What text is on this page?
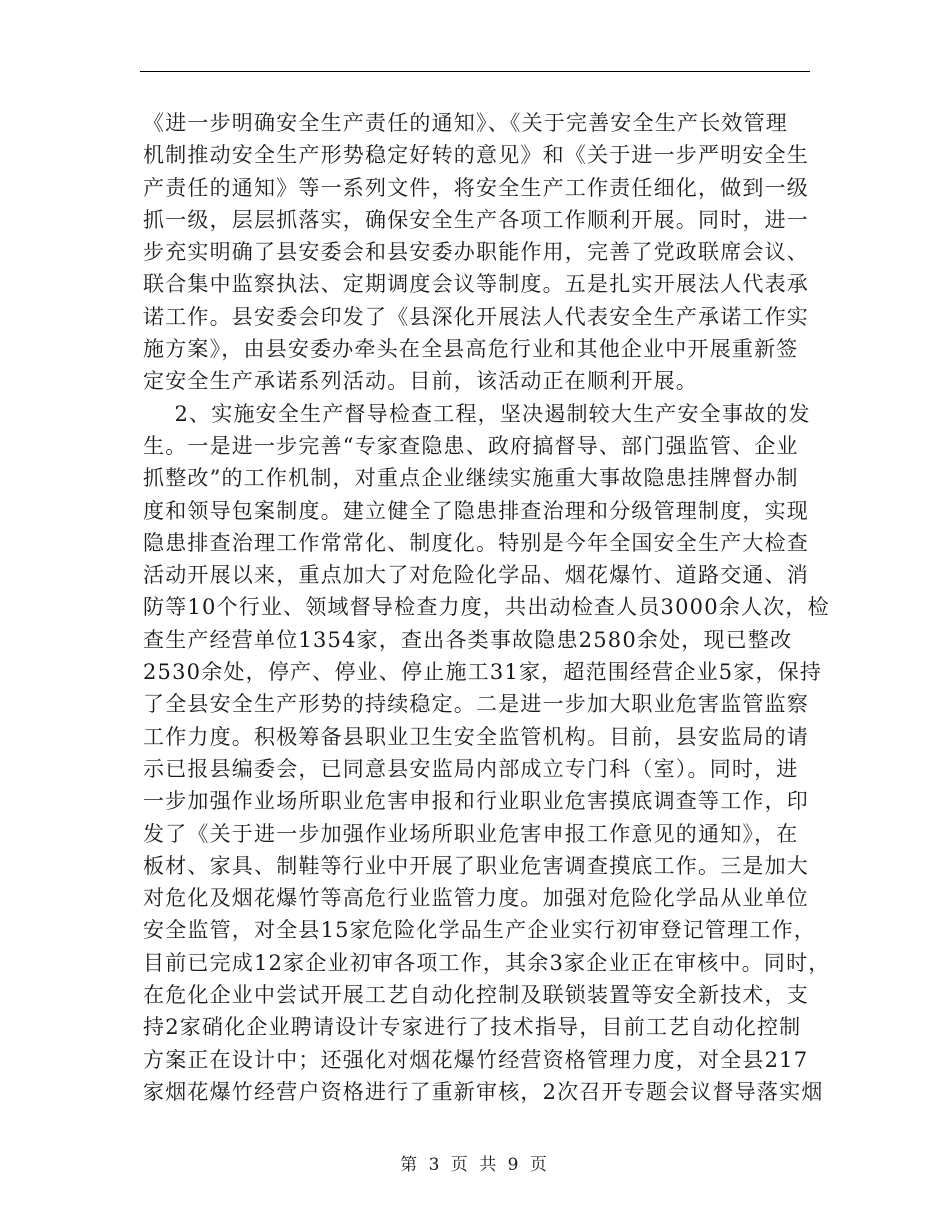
《进一步明确安全生产责任的通知》、《关于完善安全生产长效管理
机制推动安全生产形势稳定好转的意见》和《关于进一步严明安全生
产责任的通知》等一系列文件，将安全生产工作责任细化，做到一级
抓一级，层层抓落实，确保安全生产各项工作顺利开展。同时，进一
步充实明确了县安委会和县安委办职能作用，完善了党政联席会议、
联合集中监察执法、定期调度会议等制度。五是扎实开展法人代表承
诺工作。县安委会印发了《县深化开展法人代表安全生产承诺工作实
施方案》，由县安委办牵头在全县高危行业和其他企业中开展重新签
定安全生产承诺系列活动。目前，该活动正在顺利开展。
2、实施安全生产督导检查工程，坚决遏制较大生产安全事故的发
生。一是进一步完善“专家查隐患、政府搞督导、部门强监管、企业
抓整改”的工作机制，对重点企业继续实施重大事故隐患挂牌督办制
度和领导包案制度。建立健全了隐患排查治理和分级管理制度，实现
隐患排查治理工作常常化、制度化。特别是今年全国安全生产大检查
活动开展以来，重点加大了对危险化学品、烟花爆竹、道路交通、消
防等10个行业、领域督导检查力度，共出动检查人员3000余人次，检
查生产经营单位1354家，查出各类事故隐患2580余处，现已整改
2530余处，停产、停业、停止施工31家，超范围经营企业5家，保持
了全县安全生产形势的持续稳定。二是进一步加大职业危害监管监察
工作力度。积极筹备县职业卫生安全监管机构。目前，县安监局的请
示已报县编委会，已同意县安监局内部成立专门科（室）。同时，进
一步加强作业场所职业危害申报和行业职业危害摸底调查等工作，印
发了《关于进一步加强作业场所职业危害申报工作意见的通知》，在
板材、家具、制鞋等行业中开展了职业危害调查摸底工作。三是加大
对危化及烟花爆竹等高危行业监管力度。加强对危险化学品从业单位
安全监管，对全县15家危险化学品生产企业实行初审登记管理工作，
目前已完成12家企业初审各项工作，其余3家企业正在审核中。同时，
在危化企业中尝试开展工艺自动化控制及联锁装置等安全新技术，支
持2家硝化企业聘请设计专家进行了技术指导，目前工艺自动化控制
方案正在设计中；还强化对烟花爆竹经营资格管理力度，对全县217
家烟花爆竹经营户资格进行了重新审核，2次召开专题会议督导落实烟
第 3 页 共 9 页
